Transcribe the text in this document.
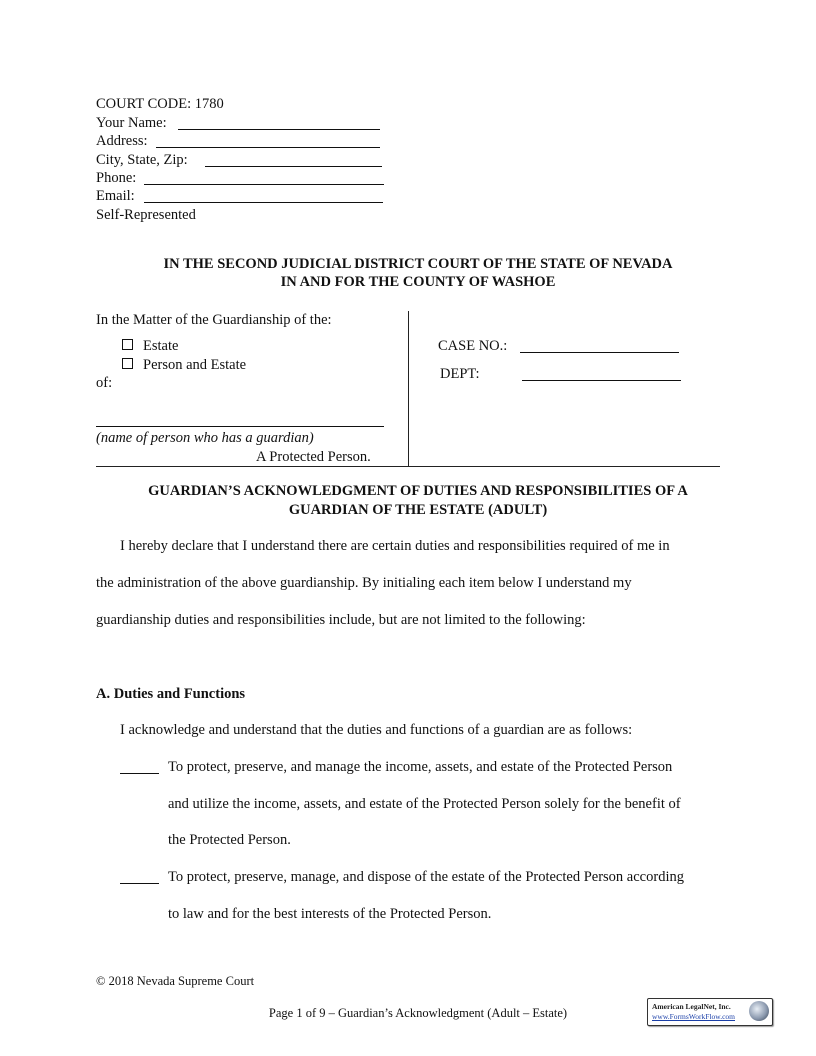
COURT CODE: 1780
Your Name:
Address:
City, State, Zip:
Phone:
Email:
Self-Represented
IN THE SECOND JUDICIAL DISTRICT COURT OF THE STATE OF NEVADA
IN AND FOR THE COUNTY OF WASHOE
In the Matter of the Guardianship of the:
Estate
Person and Estate
of:
(name of person who has a guardian)
A Protected Person.
CASE NO.:
DEPT:
GUARDIAN’S ACKNOWLEDGMENT OF DUTIES AND RESPONSIBILITIES OF A
GUARDIAN OF THE ESTATE (ADULT)
I hereby declare that I understand there are certain duties and responsibilities required of me in
the administration of the above guardianship. By initialing each item below I understand my
guardianship duties and responsibilities include, but are not limited to the following:
A. Duties and Functions
I acknowledge and understand that the duties and functions of a guardian are as follows:
To protect, preserve, and manage the income, assets, and estate of the Protected Person
and utilize the income, assets, and estate of the Protected Person solely for the benefit of
the Protected Person.
To protect, preserve, manage, and dispose of the estate of the Protected Person according
to law and for the best interests of the Protected Person.
© 2018 Nevada Supreme Court
Page 1 of 9 – Guardian’s Acknowledgment (Adult – Estate)	American LegalNet, Inc.
www.FormsWorkFlow.com
